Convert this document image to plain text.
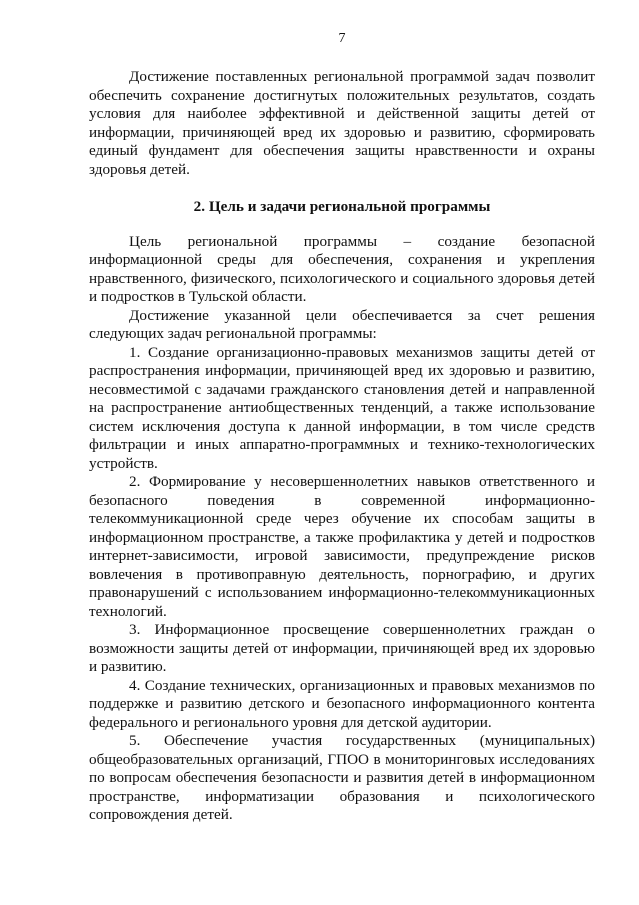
7

Достижение поставленных региональной программой задач позволит обеспечить сохранение достигнутых положительных результатов, создать условия для наиболее эффективной и действенной защиты детей от информации, причиняющей вред их здоровью и развитию, сформировать единый фундамент для обеспечения защиты нравственности и охраны здоровья детей.

2. Цель и задачи региональной программы

Цель региональной программы – создание безопасной информационной среды для обеспечения, сохранения и укрепления нравственного, физического, психологического и социального здоровья детей и подростков в Тульской области.

Достижение указанной цели обеспечивается за счет решения следующих задач региональной программы:

1. Создание организационно-правовых механизмов защиты детей от распространения информации, причиняющей вред их здоровью и развитию, несовместимой с задачами гражданского становления детей и направленной на распространение антиобщественных тенденций, а также использование систем исключения доступа к данной информации, в том числе средств фильтрации и иных аппаратно-программных и технико-технологических устройств.

2. Формирование у несовершеннолетних навыков ответственного и безопасного поведения в современной информационно-телекоммуникационной среде через обучение их способам защиты в информационном пространстве, а также профилактика у детей и подростков интернет-зависимости, игровой зависимости, предупреждение рисков вовлечения в противоправную деятельность, порнографию, и других правонарушений с использованием информационно-телекоммуникационных технологий.

3. Информационное просвещение совершеннолетних граждан о возможности защиты детей от информации, причиняющей вред их здоровью и развитию.

4. Создание технических, организационных и правовых механизмов по поддержке и развитию детского и безопасного информационного контента федерального и регионального уровня для детской аудитории.

5. Обеспечение участия государственных (муниципальных) общеобразовательных организаций, ГПОО в мониторинговых исследованиях по вопросам обеспечения безопасности и развития детей в информационном пространстве, информатизации образования и психологического сопровождения детей.
